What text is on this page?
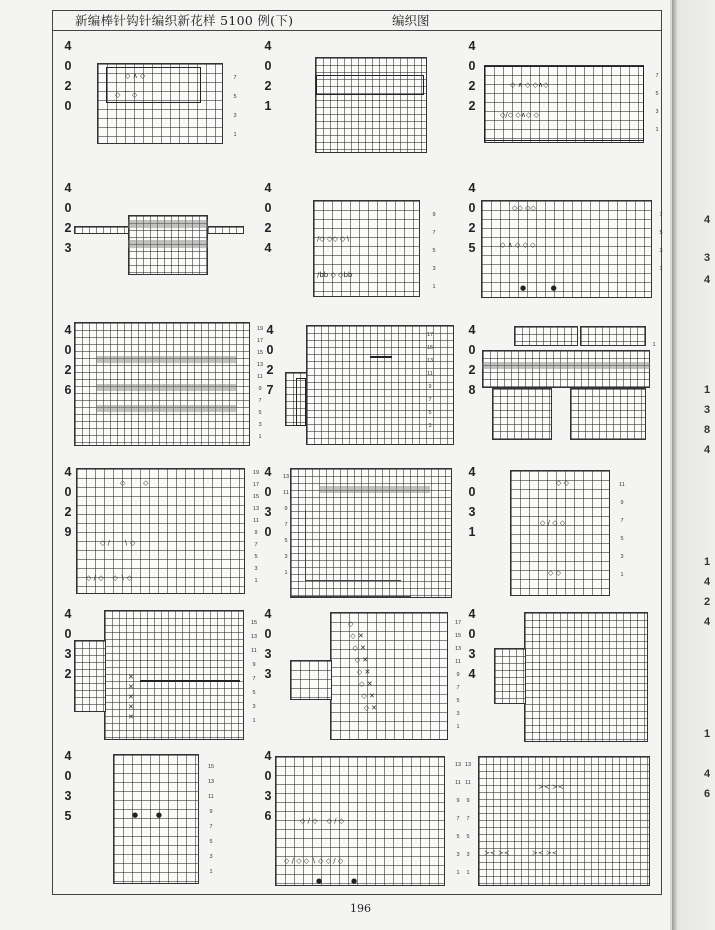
新编棒针钩针编织新花样 5100 例(下)	编织图
196
4
0
2
0
◇ ∧ ◇
◇ ⌒ ◇
7
5
3
1
4
0
2
1
4
0
2
2
◇ ∧ ◇ ◇∧◇
◇∕◇ ◇∧◇ ◇
7
5
3
1
4
0
2
3
4
0
2
4
∕◇ ◇◇ ◇∖
∕bb ◇ ◇bb
9
7
5
3
1
4
0
2
5
◇◇ ◇◇
◇ ∧ ◇ ◇ ◇
●           ●
7
5
3
1
4
0
2
6
19
17
15
13
11
9
7
5
3
1
4
0
2
7
17
15
13
11
9
7
5
3
4
0
2
8
1
4
0
2
9
◇        ◇
◇ ∕      ∖ ◇
◇ ∕ ◇    ◇ ∖ ◇
19
17
15
13
11
9
7
5
3
1
4
0
3
0
13
11
9
7
5
3
1
4
0
3
1
◇ ◇
◇ ∕ ◇ ◇
◇ ◇
11
9
7
5
3
1
4
0
3
2	✕
✕
✕
✕
✕
15
13
11
9
7
5
3
1
4
0
3
3
◇
◇ ✕
◇ ✕
◇ ✕
◇ ✕
◇ ✕
◇ ✕
◇ ✕
17
15
13
11
9
7
5
3
1
4
0
3
4
4
0
3
5	●        ●
15
13
11
9
7
5
3
1
4
0
3
6	◇ ∕ ◇    ◇ ∕ ◇
◇ ∕ ◇ ◇ ∖ ◇ ◇ ∕ ◇
●             ●
13
11
9
7
5
3
1
≻≺ ≻≺
≻≺ ≻≺          ≻≺ ≻≺
13
11
9
7
5
3
1
4
3
4
1
3
8
4
1
4
2
4
1
4
6
